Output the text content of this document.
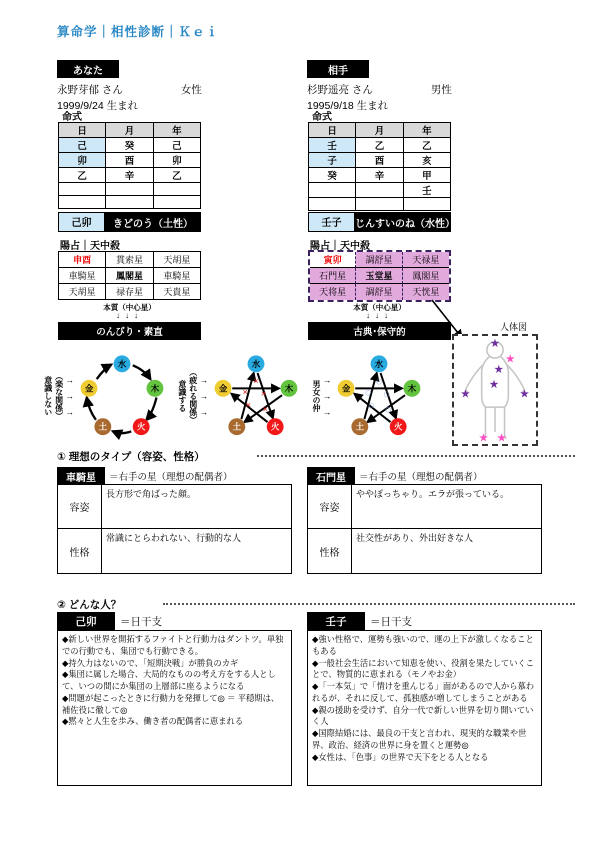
算命学｜相性診断｜Ｋｅｉ
あなた
永野芽郁 さん	女性
1999/9/24 生まれ
相手
杉野遥亮 さん	男性
1995/9/18 生まれ
命式
日	月	年
己	癸	己
卯	酉	卯
乙	辛	乙

命式
日	月	年
壬	乙	乙
子	酉	亥
癸	辛	甲
		壬

己卯	きどのう（土性）	壬子	じんすいのね（水性）
陽占｜天中殺
申酉	貫索星	天胡星
車騎星	鳳閣星	車騎星
天胡星	禄存星	天貴星
本質（中心星）
↓↓↓
のんびり・素直
陽占｜天中殺
寅卯	調舒星	天禄星
石門星	玉堂星	鳳閣星
天将星	調舒星	天恍星
本質（中心星）
↓↓↓
古典･保守的	人体図
★
★
★
★
★	★
★ ★
（楽な関係）
意識しない →
→
→
水
木
火
土
金	（疲れる関係）
意識する
→
→
→
✕
✕
✕
✕
✕
水
木
火
土
金	男女の仲
→
→
→
○
○
○
○
○
水
木
火
土
金
① 理想のタイプ（容姿、性格）
車騎星	＝右手の星（理想の配偶者）
容姿
長方形で角ばった顔。
性格
常識にとらわれない、行動的な人
石門星	＝右手の星（理想の配偶者）
容姿
ややぽっちゃり。エラが張っている。
性格
社交性があり、外出好きな人
② どんな人？
己卯	＝日干支
◆新しい世界を開拓するファイトと行動力はダントツ。単独での行動でも、集団でも行動できる。
◆持久力はないので、「短期決戦」が勝負のカギ
◆集団に属した場合、大局的なものの考え方をする人として、いつの間にか集団の上層部に座るようになる
◆問題が起こったときに行動力を発揮して◎ ＝ 平穏期は、補佐役に徹して◎
◆黙々と人生を歩み、働き者の配偶者に恵まれる
壬子	＝日干支
◆強い性格で、運勢も強いので、運の上下が激しくなることもある
◆一般社会生活において知恵を使い、役割を果たしていくことで、物質的に恵まれる（モノやお金）
◆「一本気」で「情けを重んじる」面があるので人から慕われるが、それに反して、孤独感が増してしまうことがある
◆親の援助を受けず、自分一代で新しい世界を切り開いていく人
◆国際結婚には、最良の干支と言われ、現実的な職業や世界、政治、経済の世界に身を置くと運勢◎
◆女性は、「色事」の世界で天下をとる人となる
